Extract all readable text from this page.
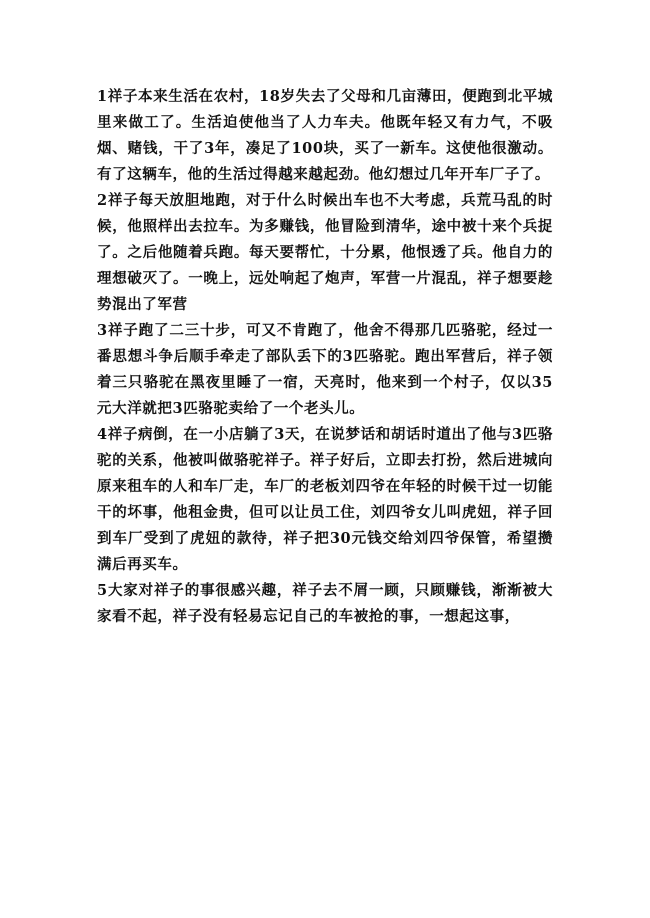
1祥子本来生活在农村，18岁失去了父母和几亩薄田，便跑到北平城里来做工了。生活迫使他当了人力车夫。他既年轻又有力气，不吸烟、赌钱，干了3年，凑足了100块，买了一新车。这使他很激动。有了这辆车，他的生活过得越来越起劲。他幻想过几年开车厂子了。

2祥子每天放胆地跑，对于什么时候出车也不大考虑，兵荒马乱的时候，他照样出去拉车。为多赚钱，他冒险到清华，途中被十来个兵捉了。之后他随着兵跑。每天要帮忙，十分累，他恨透了兵。他自力的理想破灭了。一晚上，远处响起了炮声，军营一片混乱，祥子想要趁势混出了军营

3祥子跑了二三十步，可又不肯跑了，他舍不得那几匹骆驼，经过一番思想斗争后顺手牵走了部队丢下的3匹骆驼。跑出军营后，祥子领着三只骆驼在黑夜里睡了一宿，天亮时，他来到一个村子，仅以35元大洋就把3匹骆驼卖给了一个老头儿。

4祥子病倒，在一小店躺了3天，在说梦话和胡话时道出了他与3匹骆驼的关系，他被叫做骆驼祥子。祥子好后，立即去打扮，然后进城向原来租车的人和车厂走，车厂的老板刘四爷在年轻的时候干过一切能干的坏事，他租金贵，但可以让员工住，刘四爷女儿叫虎妞，祥子回到车厂受到了虎妞的款待，祥子把30元钱交给刘四爷保管，希望攒满后再买车。

5大家对祥子的事很感兴趣，祥子去不屑一顾，只顾赚钱，渐渐被大家看不起，祥子没有轻易忘记自己的车被抢的事，一想起这事，
